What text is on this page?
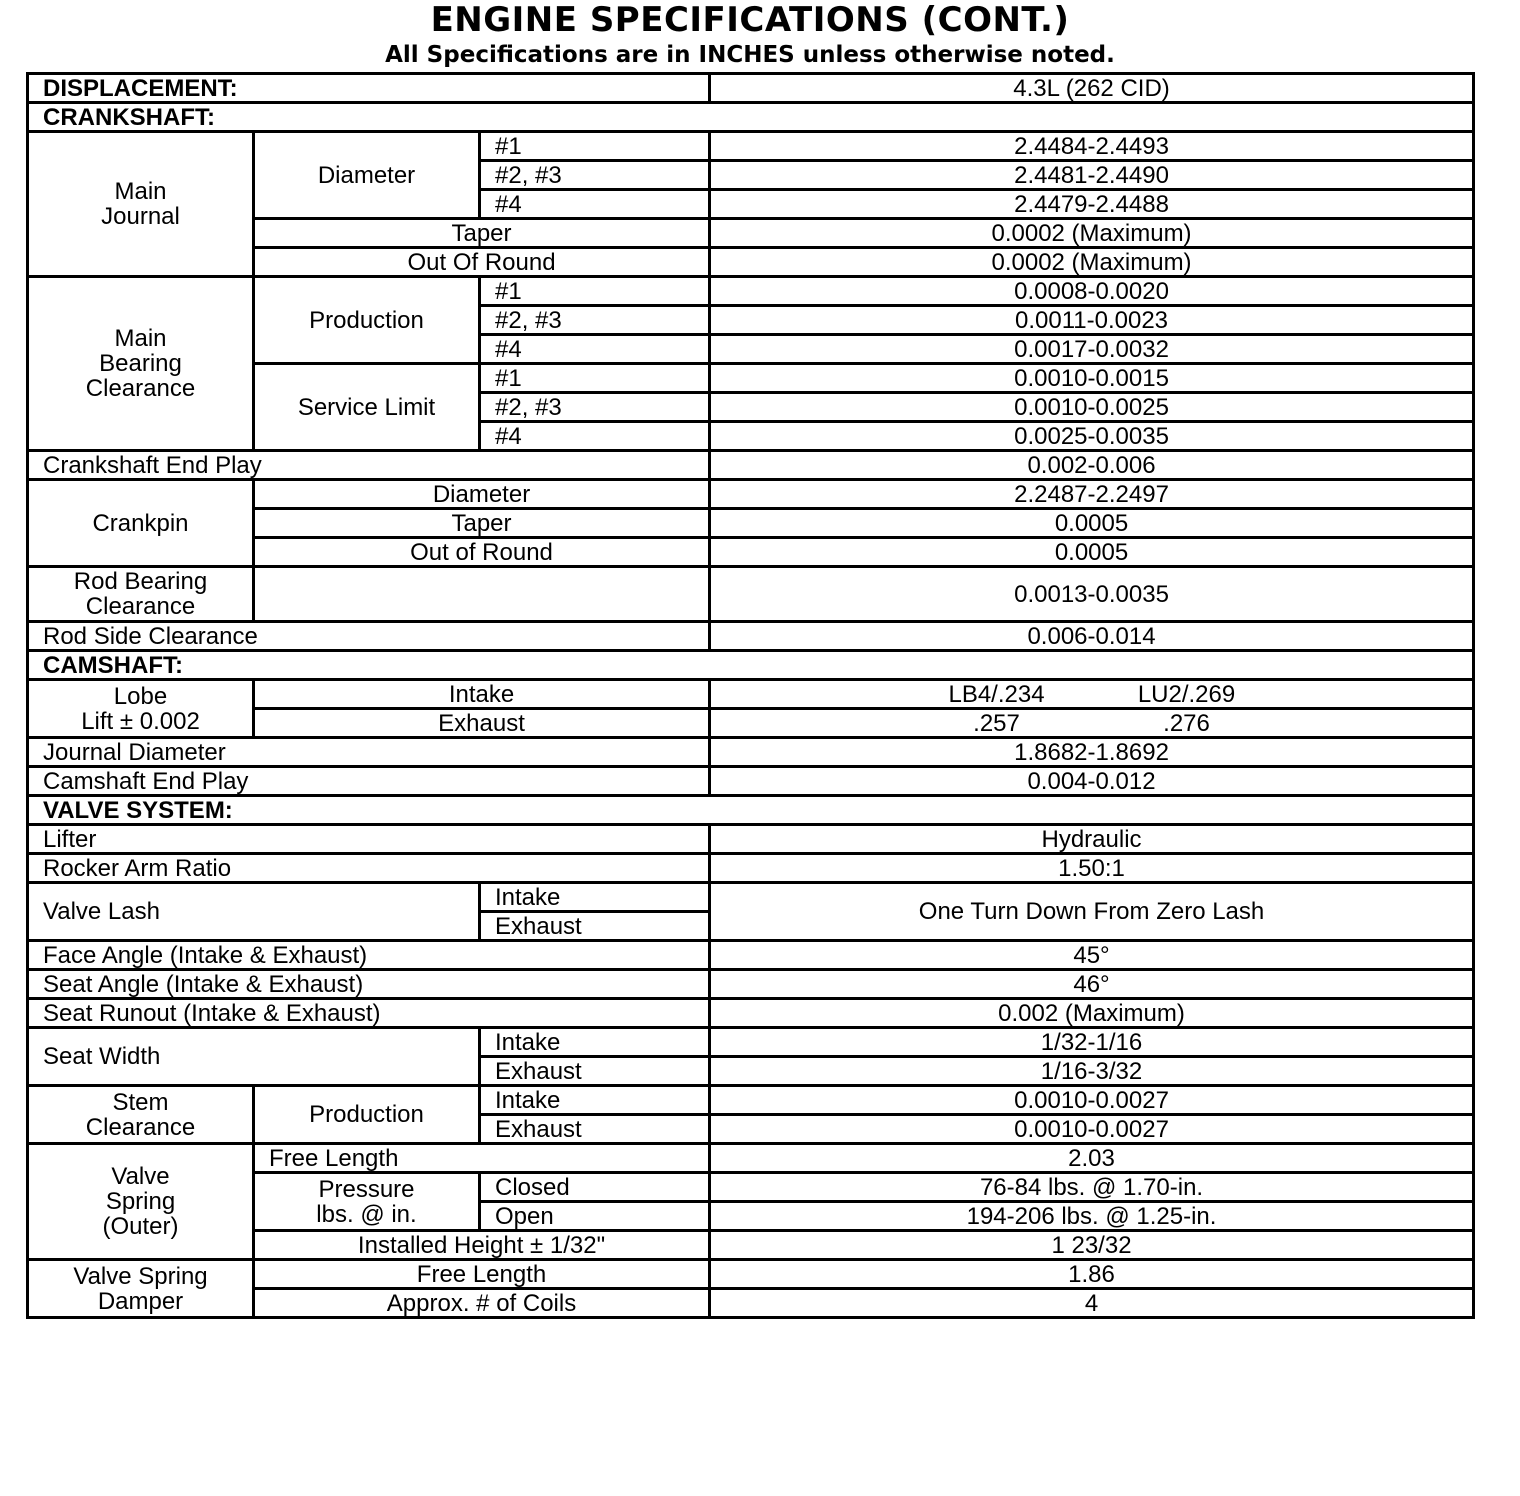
ENGINE SPECIFICATIONS (CONT.)
All Specifications are in INCHES unless otherwise noted.
DISPLACEMENT:			4.3L (262 CID)
CRANKSHAFT:			
Main
Journal	Diameter	#1	2.4484-2.4493
		#2, #3	2.4481-2.4490
		#4	2.4479-2.4488
	Taper		0.0002 (Maximum)
	Out Of Round		0.0002 (Maximum)
Main
Bearing
Clearance	Production	#1	0.0008-0.0020
		#2, #3	0.0011-0.0023
		#4	0.0017-0.0032
	Service Limit	#1	0.0010-0.0015
		#2, #3	0.0010-0.0025
		#4	0.0025-0.0035
Crankshaft End Play			0.002-0.006
Crankpin	Diameter		2.2487-2.2497
	Taper		0.0005
	Out of Round		0.0005
Rod Bearing
Clearance			0.0013-0.0035
Rod Side Clearance			0.006-0.014
CAMSHAFT:			
Lobe
Lift ± 0.002	Intake		LB4/.234 LU2/.269
	Exhaust		.257 .276
Journal Diameter			1.8682-1.8692
Camshaft End Play			0.004-0.012
VALVE SYSTEM:			
Lifter			Hydraulic
Rocker Arm Ratio			1.50:1
Valve Lash		Intake	One Turn Down From Zero Lash
		Exhaust	
Face Angle (Intake & Exhaust)			45°
Seat Angle (Intake & Exhaust)			46°
Seat Runout (Intake & Exhaust)			0.002 (Maximum)
Seat Width		Intake	1/32-1/16
		Exhaust	1/16-3/32
Stem
Clearance	Production	Intake	0.0010-0.0027
		Exhaust	0.0010-0.0027
Valve
Spring
(Outer)	Free Length		2.03
	Pressure
lbs. @ in.	Closed	76-84 lbs. @ 1.70-in.
		Open	194-206 lbs. @ 1.25-in.
	Installed Height ± 1/32"		1 23/32
Valve Spring
Damper	Free Length		1.86
	Approx. # of Coils		4
